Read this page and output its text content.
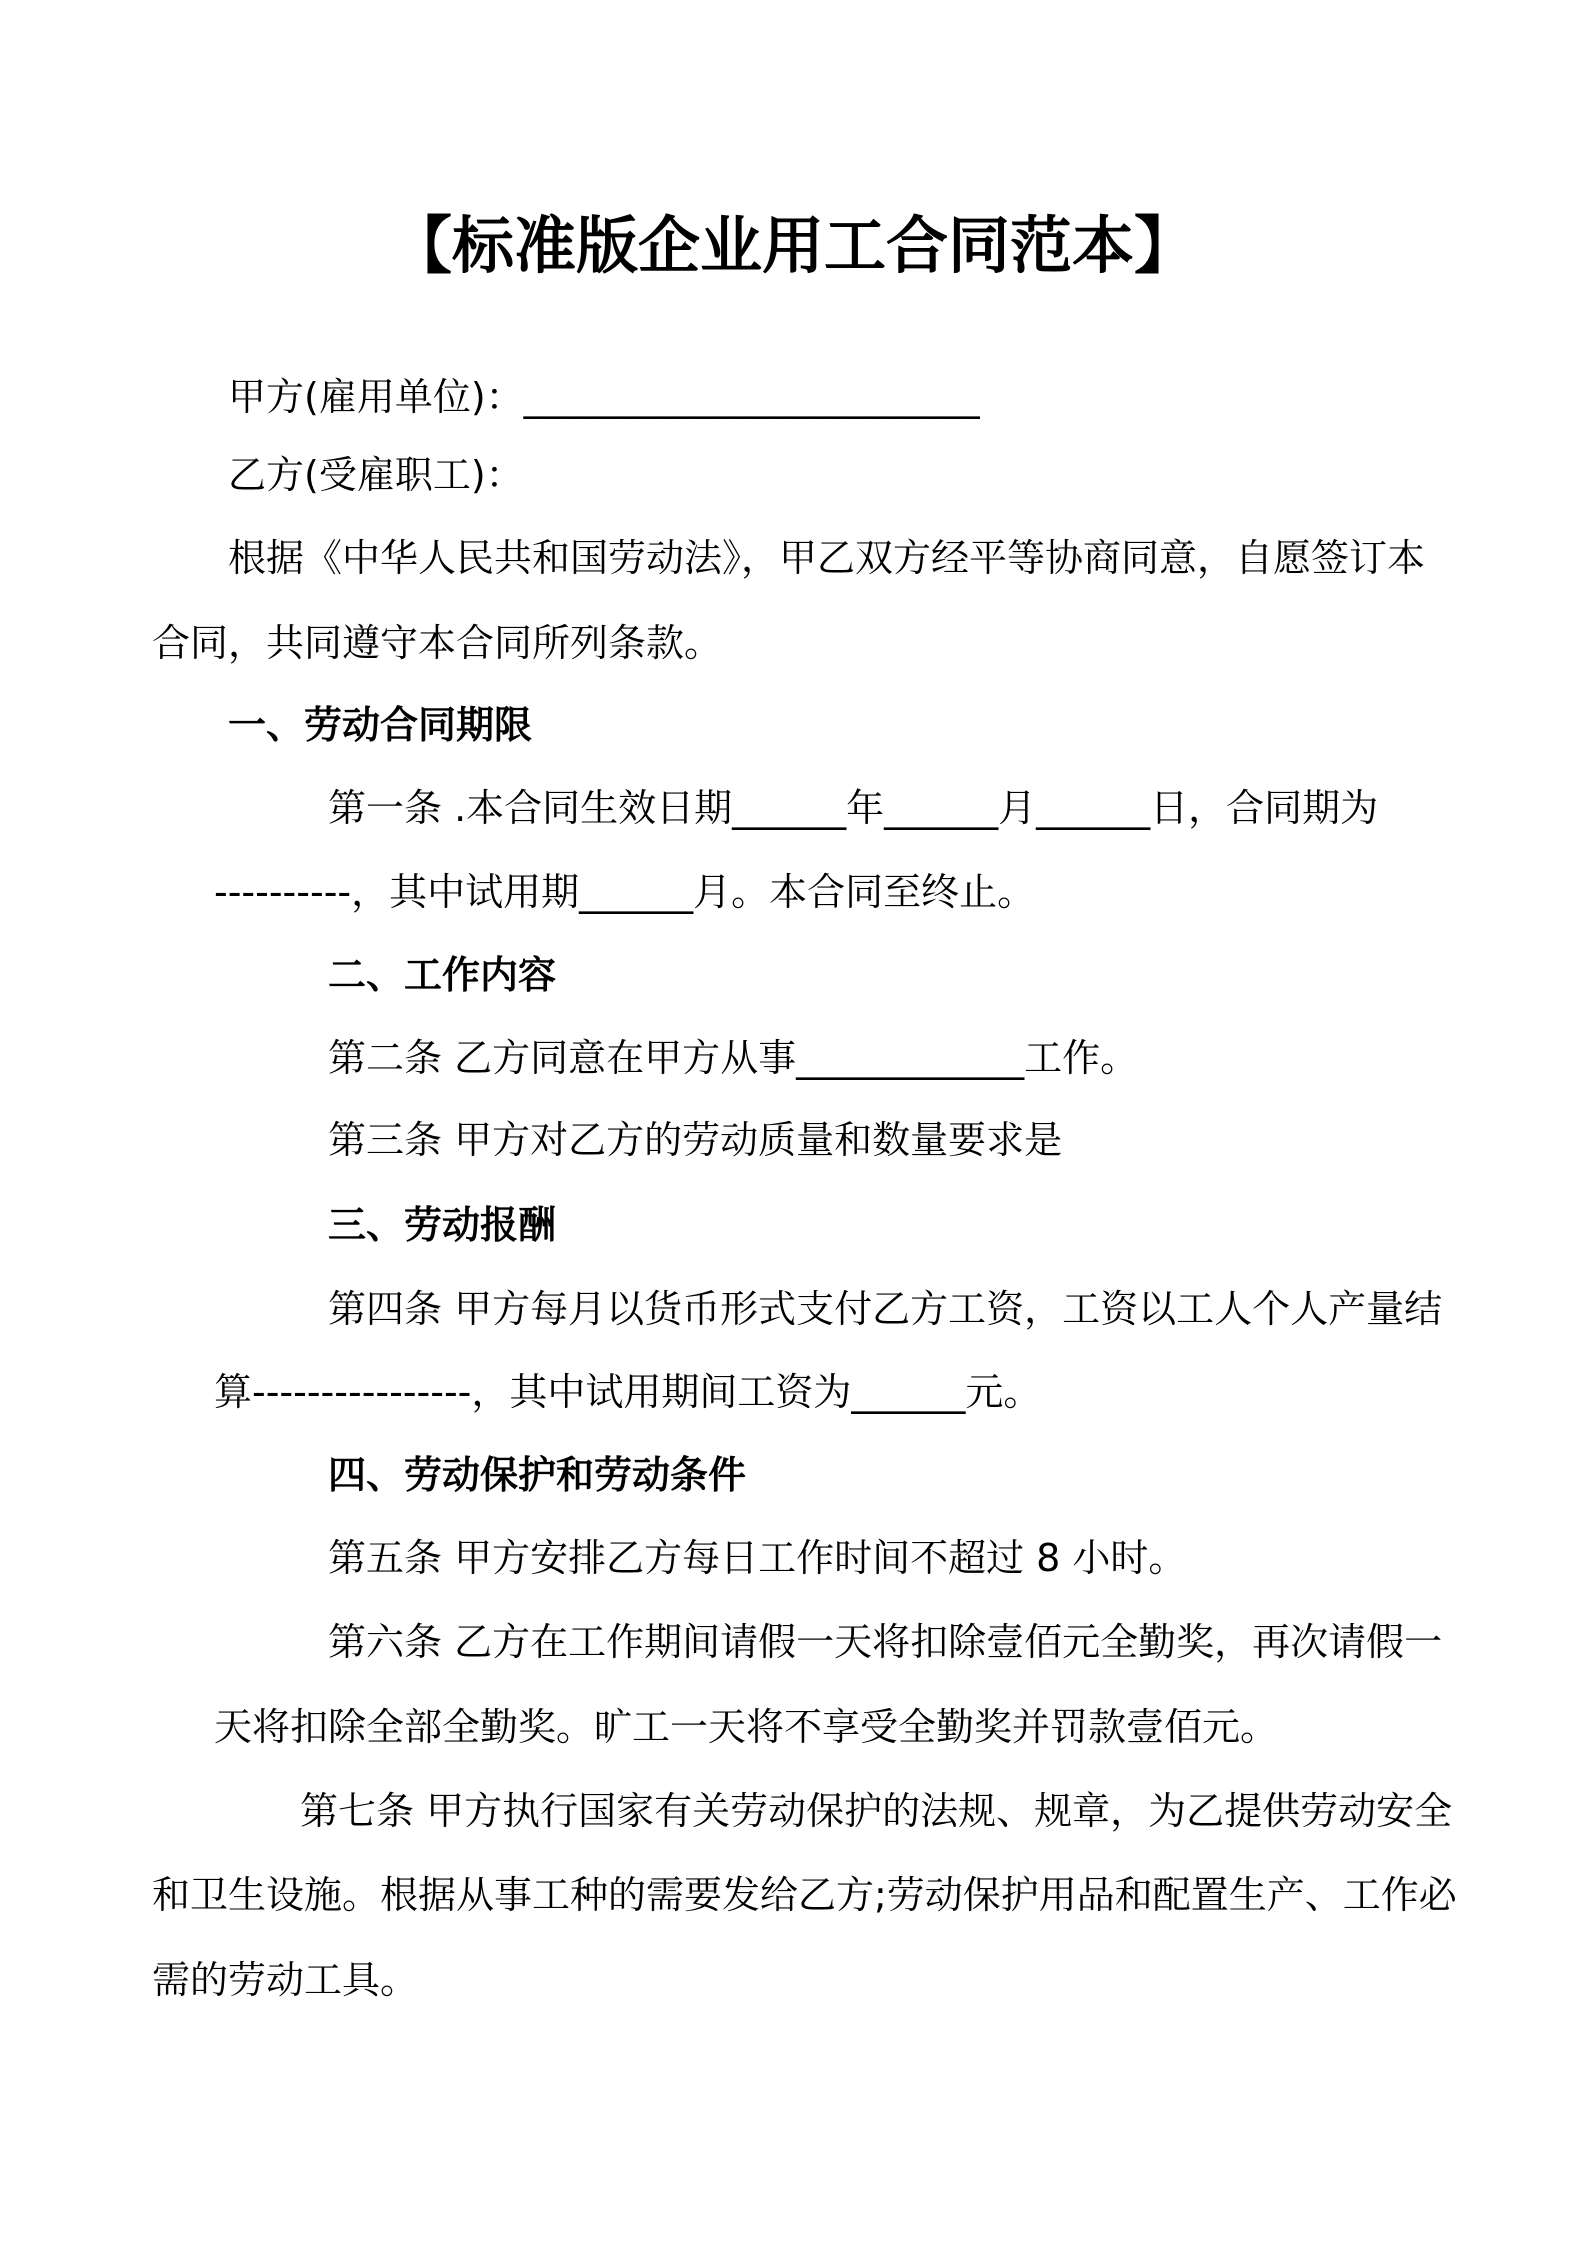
【标准版企业用工合同范本】
甲方(雇用单位)：________________________
乙方(受雇职工)：
根据《中华人民共和国劳动法》，甲乙双方经平等协商同意，自愿签订本
合同，共同遵守本合同所列条款。
一、劳动合同期限
第一条 .本合同生效日期______年______月______日，合同期为
----------，其中试用期______月。本合同至终止。
二、工作内容
第二条 乙方同意在甲方从事____________工作。
第三条 甲方对乙方的劳动质量和数量要求是
三、劳动报酬
第四条 甲方每月以货币形式支付乙方工资，工资以工人个人产量结
算----------------，其中试用期间工资为______元。
四、劳动保护和劳动条件
第五条 甲方安排乙方每日工作时间不超过 8 小时。
第六条 乙方在工作期间请假一天将扣除壹佰元全勤奖，再次请假一
天将扣除全部全勤奖。旷工一天将不享受全勤奖并罚款壹佰元。
第七条 甲方执行国家有关劳动保护的法规、规章，为乙提供劳动安全
和卫生设施。根据从事工种的需要发给乙方;劳动保护用品和配置生产、工作必
需的劳动工具。
